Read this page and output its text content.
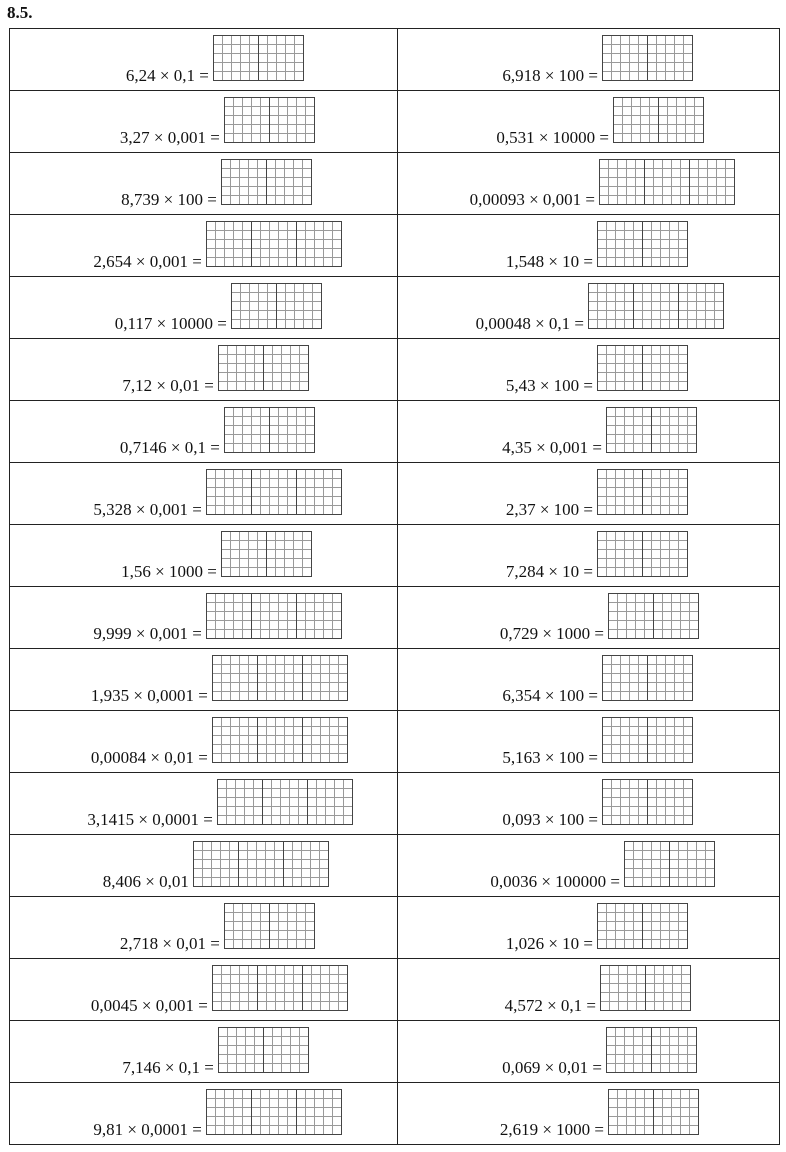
8.5.
6,24 × 0,1 =	6,918 × 100 =
3,27 × 0,001 =	0,531 × 10000 =
8,739 × 100 =	0,00093 × 0,001 =
2,654 × 0,001 =	1,548 × 10 =
0,117 × 10000 =	0,00048 × 0,1 =
7,12 × 0,01 =	5,43 × 100 =
0,7146 × 0,1 =	4,35 × 0,001 =
5,328 × 0,001 =	2,37 × 100 =
1,56 × 1000 =	7,284 × 10 =
9,999 × 0,001 =	0,729 × 1000 =
1,935 × 0,0001 =	6,354 × 100 =
0,00084 × 0,01 =	5,163 × 100 =
3,1415 × 0,0001 =	0,093 × 100 =
8,406 × 0,01	0,0036 × 100000 =
2,718 × 0,01 =	1,026 × 10 =
0,0045 × 0,001 =	4,572 × 0,1 =
7,146 × 0,1 =	0,069 × 0,01 =
9,81 × 0,0001 =	2,619 × 1000 =
